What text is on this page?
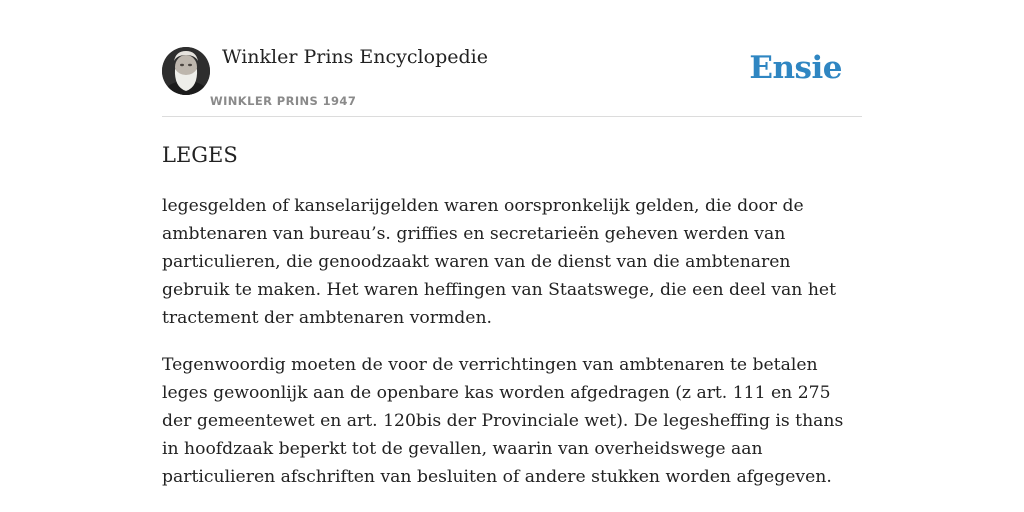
Winkler Prins Encyclopedie
WINKLER PRINS 1947
Ensie
LEGES

legesgelden of kanselarijgelden waren oorspronkelijk gelden, die door de ambtenaren van bureau’s. griffies en secretarieën geheven werden van particulieren, die genoodzaakt waren van de dienst van die ambtenaren gebruik te maken. Het waren heffingen van Staatswege, die een deel van het tractement der ambtenaren vormden.

Tegenwoordig moeten de voor de verrichtingen van ambtenaren te betalen leges gewoonlijk aan de openbare kas worden afgedragen (z art. 111 en 275 der gemeentewet en art. 120bis der Provinciale wet). De legesheffing is thans in hoofdzaak beperkt tot de gevallen, waarin van overheidswege aan particulieren afschriften van besluiten of andere stukken worden afgegeven.
